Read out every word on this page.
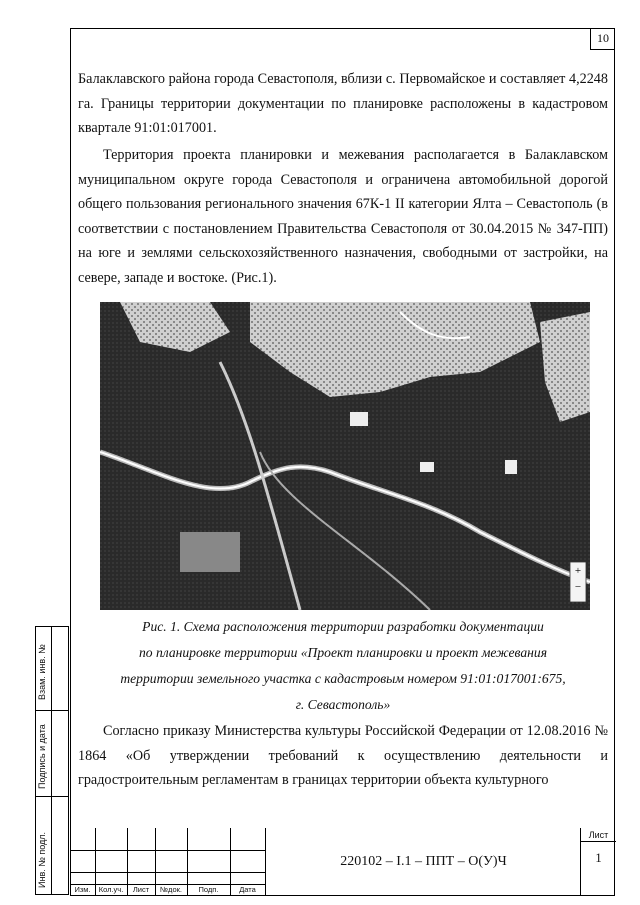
10
Взам. инв. №
Подпись и дата
Инв. № подл.
Балаклавского района города Севастополя, вблизи с. Первомайское и составляет 4,2248 га. Границы территории документации по планировке расположены в кадастровом квартале 91:01:017001.
Территория проекта планировки и межевания располагается в Балаклавском муниципальном округе города Севастополя и ограничена автомобильной дорогой общего пользования регионального значения 67К-1 II категории Ялта – Севастополь (в соответствии с постановлением Правительства Севастополя от 30.04.2015 № 347-ПП) на юге и землями сельскохозяйственного назначения, свободными от застройки, на севере, западе и востоке. (Рис.1).
+
−
Рис. 1. Схема расположения территории разработки документации
по планировке территории «Проект планировки и проект межевания
территории земельного участка с кадастровым номером 91:01:017001:675,
г. Севастополь»
Согласно приказу Министерства культуры Российской Федерации от 12.08.2016 № 1864 «Об утверждении требований к осуществлению деятельности и градостроительным регламентам в границах территории объекта культурного
Изм.	Кол.уч.	Лист	№док.	Подп.	Дата
220102 – I.1 – ППТ – О(У)Ч
Лист
1
